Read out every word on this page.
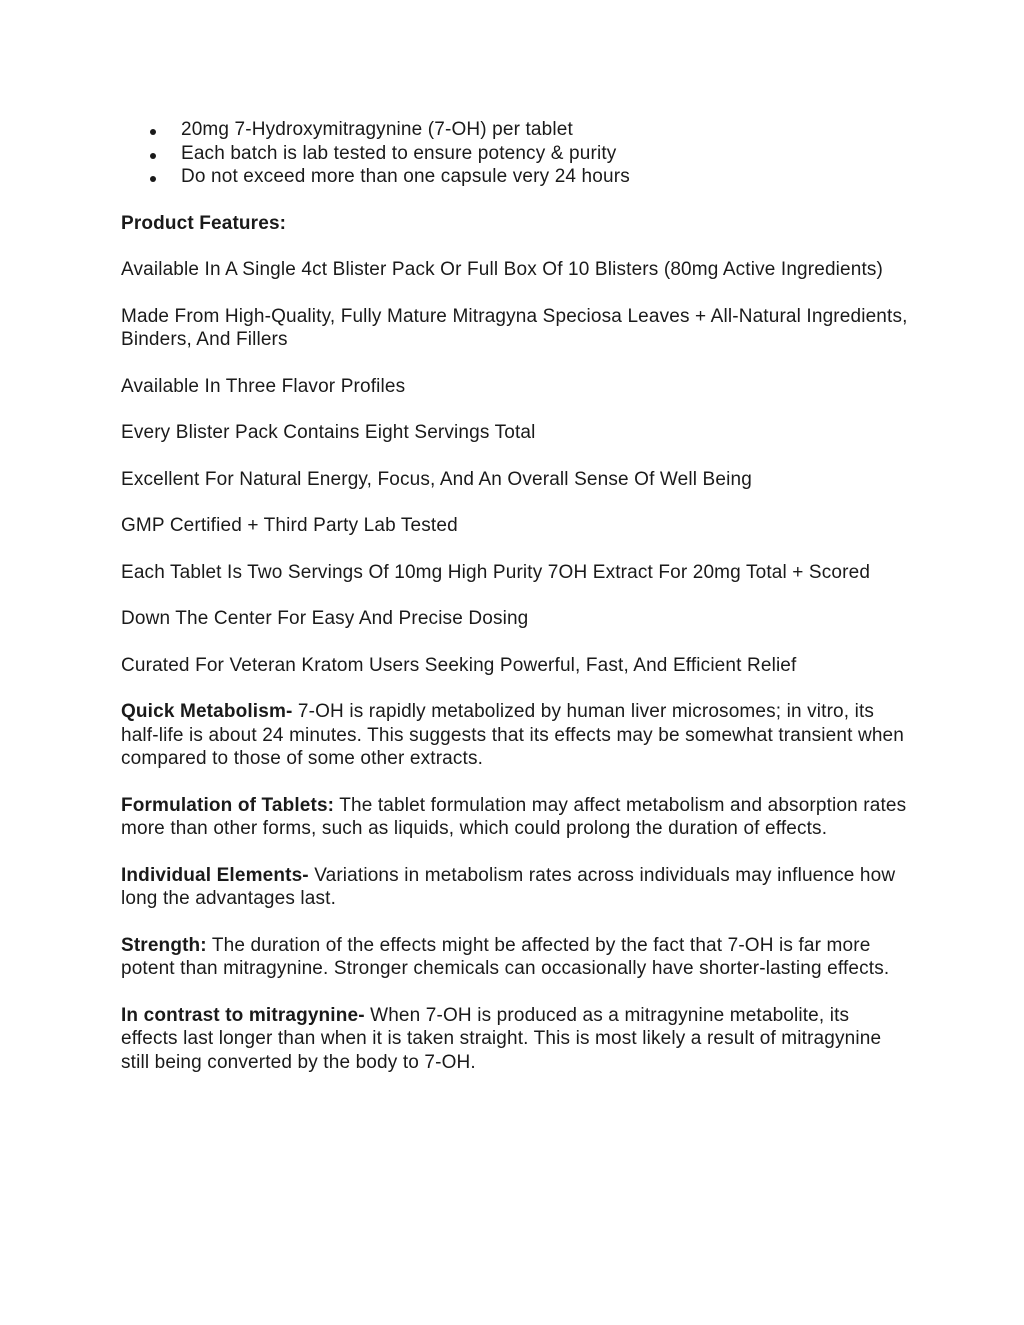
20mg 7-Hydroxymitragynine (7-OH) per tablet
Each batch is lab tested to ensure potency & purity
Do not exceed more than one capsule very 24 hours

Product Features:

Available In A Single 4ct Blister Pack Or Full Box Of 10 Blisters (80mg Active Ingredients)

Made From High-Quality, Fully Mature Mitragyna Speciosa Leaves + All-Natural Ingredients, Binders, And Fillers

Available In Three Flavor Profiles

Every Blister Pack Contains Eight Servings Total

Excellent For Natural Energy, Focus, And An Overall Sense Of Well Being

GMP Certified + Third Party Lab Tested

Each Tablet Is Two Servings Of 10mg High Purity 7OH Extract For 20mg Total + Scored

Down The Center For Easy And Precise Dosing

Curated For Veteran Kratom Users Seeking Powerful, Fast, And Efficient Relief

Quick Metabolism- 7-OH is rapidly metabolized by human liver microsomes; in vitro, its half-life is about 24 minutes. This suggests that its effects may be somewhat transient when compared to those of some other extracts.

Formulation of Tablets: The tablet formulation may affect metabolism and absorption rates more than other forms, such as liquids, which could prolong the duration of effects.

Individual Elements- Variations in metabolism rates across individuals may influence how long the advantages last.

Strength: The duration of the effects might be affected by the fact that 7-OH is far more potent than mitragynine. Stronger chemicals can occasionally have shorter-lasting effects.

In contrast to mitragynine- When 7-OH is produced as a mitragynine metabolite, its effects last longer than when it is taken straight. This is most likely a result of mitragynine still being converted by the body to 7-OH.
